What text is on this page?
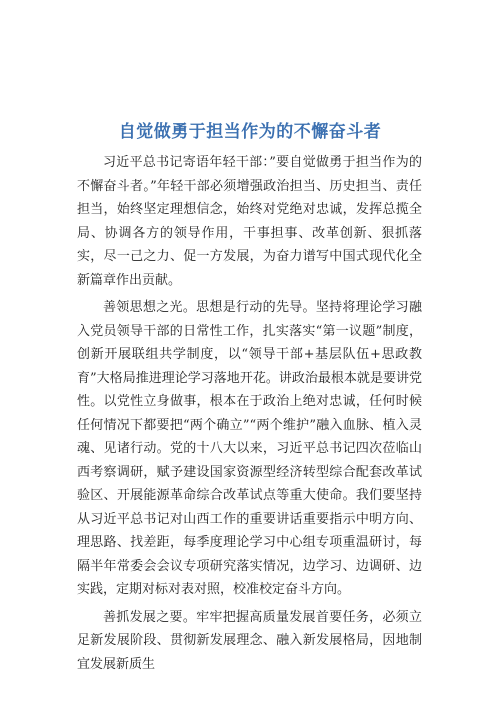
自觉做勇于担当作为的不懈奋斗者

习近平总书记寄语年轻干部：”要自觉做勇于担当作为的不懈奋斗者。”年轻干部必须增强政治担当、历史担当、责任担当，始终坚定理想信念，始终对党绝对忠诚，发挥总揽全局、协调各方的领导作用，干事担事、改革创新、狠抓落实，尽一己之力、促一方发展，为奋力谱写中国式现代化全新篇章作出贡献。

善领思想之光。思想是行动的先导。坚持将理论学习融入党员领导干部的日常性工作，扎实落实“第一议题”制度，创新开展联组共学制度，以“领导干部+基层队伍+思政教育”大格局推进理论学习落地开花。讲政治最根本就是要讲党性。以党性立身做事，根本在于政治上绝对忠诚，任何时候任何情况下都要把“两个确立”“两个维护”融入血脉、植入灵魂、见诸行动。党的十八大以来，习近平总书记四次莅临山西考察调研，赋予建设国家资源型经济转型综合配套改革试验区、开展能源革命综合改革试点等重大使命。我们要坚持从习近平总书记对山西工作的重要讲话重要指示中明方向、理思路、找差距，每季度理论学习中心组专项重温研讨，每隔半年常委会会议专项研究落实情况，边学习、边调研、边实践，定期对标对表对照，校准校定奋斗方向。

善抓发展之要。牢牢把握高质量发展首要任务，必须立足新发展阶段、贯彻新发展理念、融入新发展格局，因地制宜发展新质生
